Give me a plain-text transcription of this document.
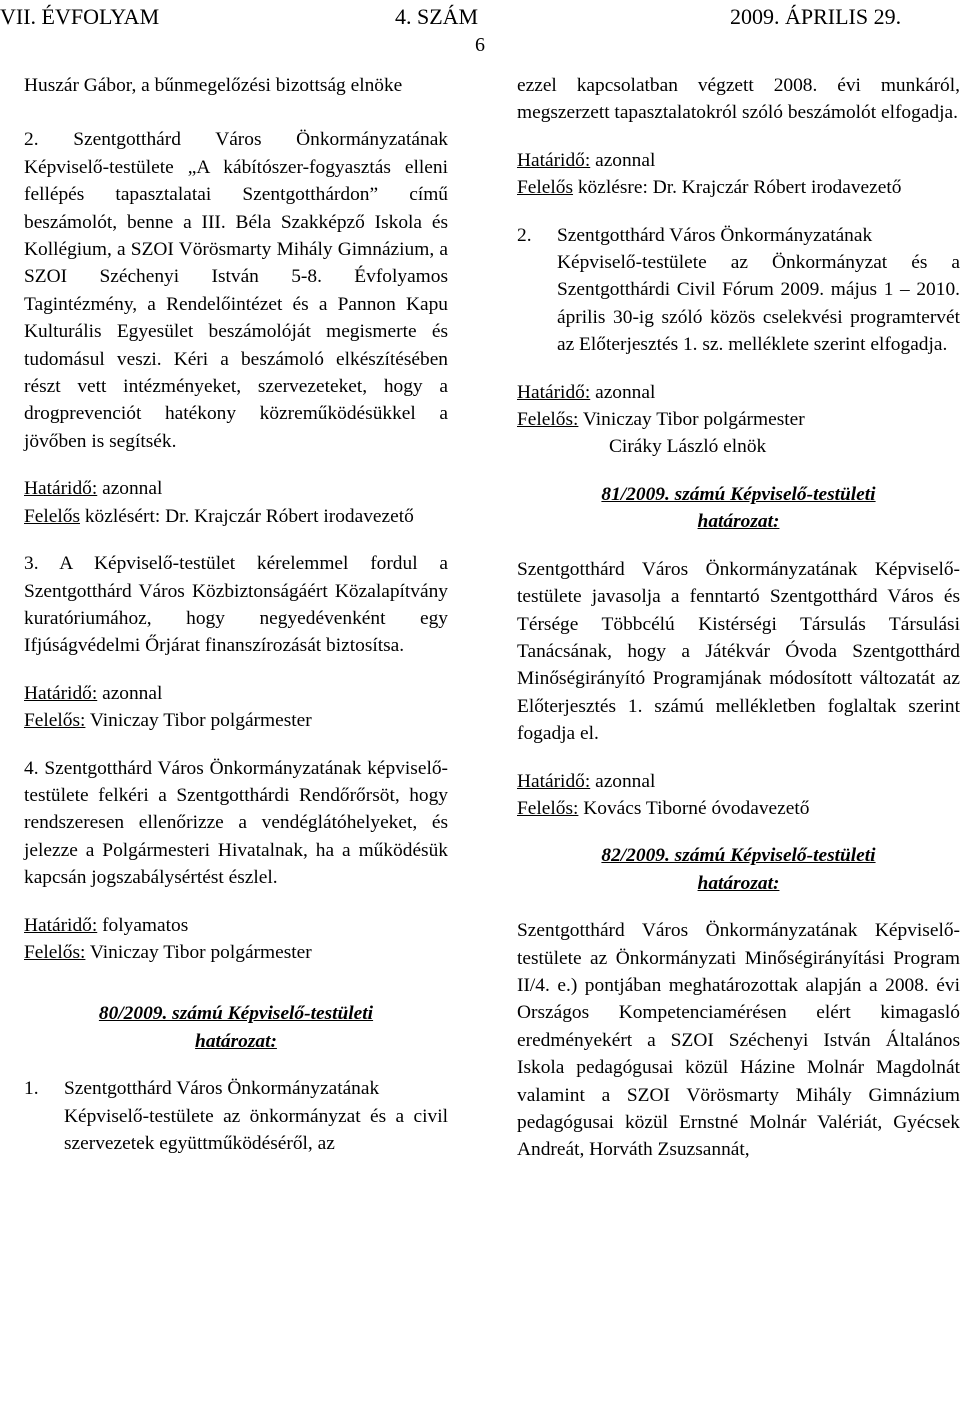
VII. ÉVFOLYAM	4. SZÁM	2009. ÁPRILIS 29.
6

Huszár Gábor, a bűnmegelőzési bizottság elnöke

2. Szentgotthárd Város Önkormányzatának Képviselő-testülete „A kábítószer-fogyasztás elleni fellépés tapasztalatai Szentgotthárdon” című beszámolót, benne a III. Béla Szakképző Iskola és Kollégium, a SZOI Vörösmarty Mihály Gimnázium, a SZOI Széchenyi István 5-8. Évfolyamos Tagintézmény, a Rendelőintézet és a Pannon Kapu Kulturális Egyesület beszámolóját megismerte és tudomásul veszi. Kéri a beszámoló elkészítésében részt vett intézményeket, szervezeteket, hogy a drogprevenciót hatékony közreműködésükkel a jövőben is segítsék.

Határidő: azonnal

Felelős közlésért: Dr. Krajczár Róbert irodavezető

3. A Képviselő-testület kérelemmel fordul a Szentgotthárd Város Közbiztonságáért Közalapítvány kuratóriumához, hogy negyedévenként egy Ifjúságvédelmi Őrjárat finanszírozását biztosítsa.

Határidő: azonnal

Felelős: Viniczay Tibor polgármester

4. Szentgotthárd Város Önkormányzatának képviselő-testülete felkéri a Szentgotthárdi Rendőrőrsöt, hogy rendszeresen ellenőrizze a vendéglátóhelyeket, és jelezze a Polgármesteri Hivatalnak, ha a működésük kapcsán jogszabálysértést észlel.

Határidő: folyamatos

Felelős: Viniczay Tibor polgármester

80/2009. számú Képviselő-testületi
határozat:
1.	Szentgotthárd Város Önkormányzatának

Képviselő-testülete az önkormányzat és a civil szervezetek együttműködéséről, az

ezzel kapcsolatban végzett 2008. évi munkáról, megszerzett tapasztalatokról szóló beszámolót elfogadja.

Határidő: azonnal

Felelős közlésre: Dr. Krajczár Róbert irodavezető

2.	Szentgotthárd Város Önkormányzatának

Képviselő-testülete az Önkormányzat és a Szentgotthárdi Civil Fórum 2009. május 1 – 2010. április 30-ig szóló közös cselekvési programtervét az Előterjesztés 1. sz. melléklete szerint elfogadja.

Határidő: azonnal

Felelős: Viniczay Tibor polgármester

Ciráky László elnök

81/2009. számú Képviselő-testületi
határozat:

Szentgotthárd Város Önkormányzatának Képviselő-testülete javasolja a fenntartó Szentgotthárd Város és Térsége Többcélú Kistérségi Társulás Társulási Tanácsának, hogy a Játékvár Óvoda Szentgotthárd Minőségirányító Programjának módosított változatát az Előterjesztés 1. számú mellékletben foglaltak szerint fogadja el.

Határidő: azonnal

Felelős: Kovács Tiborné óvodavezető

82/2009. számú Képviselő-testületi
határozat:

Szentgotthárd Város Önkormányzatának Képviselő-testülete az Önkormányzati Minőségirányítási Program II/4. e.) pontjában meghatározottak alapján a 2008. évi Országos Kompetenciamérésen elért kimagasló eredményekért a SZOI Széchenyi István Általános Iskola pedagógusai közül Házine Molnár Magdolnát valamint a SZOI Vörösmarty Mihály Gimnázium pedagógusai közül Ernstné Molnár Valériát, Gyécsek Andreát, Horváth Zsuzsannát,
